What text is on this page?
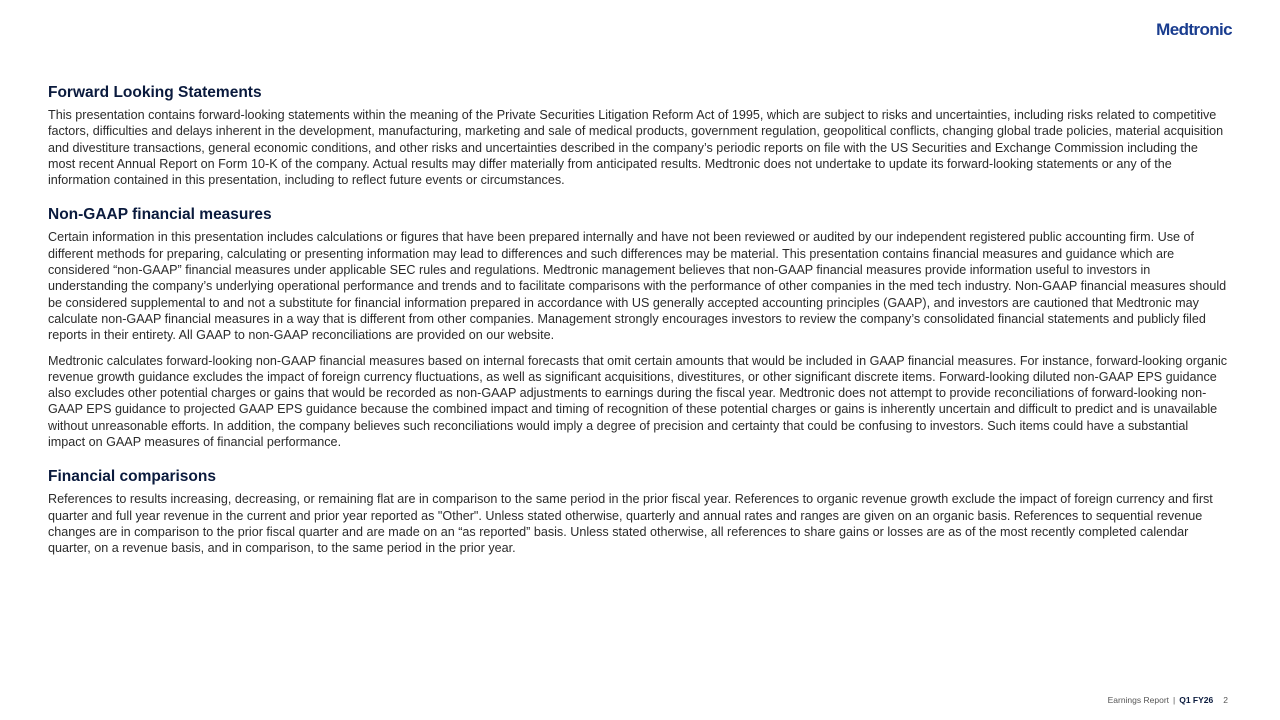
Medtronic
Forward Looking Statements

This presentation contains forward-looking statements within the meaning of the Private Securities Litigation Reform Act of 1995, which are subject to risks and uncertainties, including risks related to competitive factors, difficulties and delays inherent in the development, manufacturing, marketing and sale of medical products, government regulation, geopolitical conflicts, changing global trade policies, material acquisition and divestiture transactions, general economic conditions, and other risks and uncertainties described in the company’s periodic reports on file with the US Securities and Exchange Commission including the most recent Annual Report on Form 10-K of the company. Actual results may differ materially from anticipated results. Medtronic does not undertake to update its forward-looking statements or any of the information contained in this presentation, including to reflect future events or circumstances.

Non-GAAP financial measures

Certain information in this presentation includes calculations or figures that have been prepared internally and have not been reviewed or audited by our independent registered public accounting firm. Use of different methods for preparing, calculating or presenting information may lead to differences and such differences may be material. This presentation contains financial measures and guidance which are considered “non-GAAP” financial measures under applicable SEC rules and regulations. Medtronic management believes that non-GAAP financial measures provide information useful to investors in understanding the company’s underlying operational performance and trends and to facilitate comparisons with the performance of other companies in the med tech industry. Non-GAAP financial measures should be considered supplemental to and not a substitute for financial information prepared in accordance with US generally accepted accounting principles (GAAP), and investors are cautioned that Medtronic may calculate non-GAAP financial measures in a way that is different from other companies. Management strongly encourages investors to review the company’s consolidated financial statements and publicly filed reports in their entirety. All GAAP to non-GAAP reconciliations are provided on our website.

Medtronic calculates forward-looking non-GAAP financial measures based on internal forecasts that omit certain amounts that would be included in GAAP financial measures. For instance, forward-looking organic revenue growth guidance excludes the impact of foreign currency fluctuations, as well as significant acquisitions, divestitures, or other significant discrete items. Forward-looking diluted non-GAAP EPS guidance also excludes other potential charges or gains that would be recorded as non-GAAP adjustments to earnings during the fiscal year. Medtronic does not attempt to provide reconciliations of forward-looking non-GAAP EPS guidance to projected GAAP EPS guidance because the combined impact and timing of recognition of these potential charges or gains is inherently uncertain and difficult to predict and is unavailable without unreasonable efforts. In addition, the company believes such reconciliations would imply a degree of precision and certainty that could be confusing to investors. Such items could have a substantial impact on GAAP measures of financial performance.

Financial comparisons

References to results increasing, decreasing, or remaining flat are in comparison to the same period in the prior fiscal year. References to organic revenue growth exclude the impact of foreign currency and first quarter and full year revenue in the current and prior year reported as "Other". Unless stated otherwise, quarterly and annual rates and ranges are given on an organic basis. References to sequential revenue changes are in comparison to the prior fiscal quarter and are made on an “as reported” basis. Unless stated otherwise, all references to share gains or losses are as of the most recently completed calendar quarter, on a revenue basis, and in comparison, to the same period in the prior year.

Earnings Report | Q1 FY26 2
